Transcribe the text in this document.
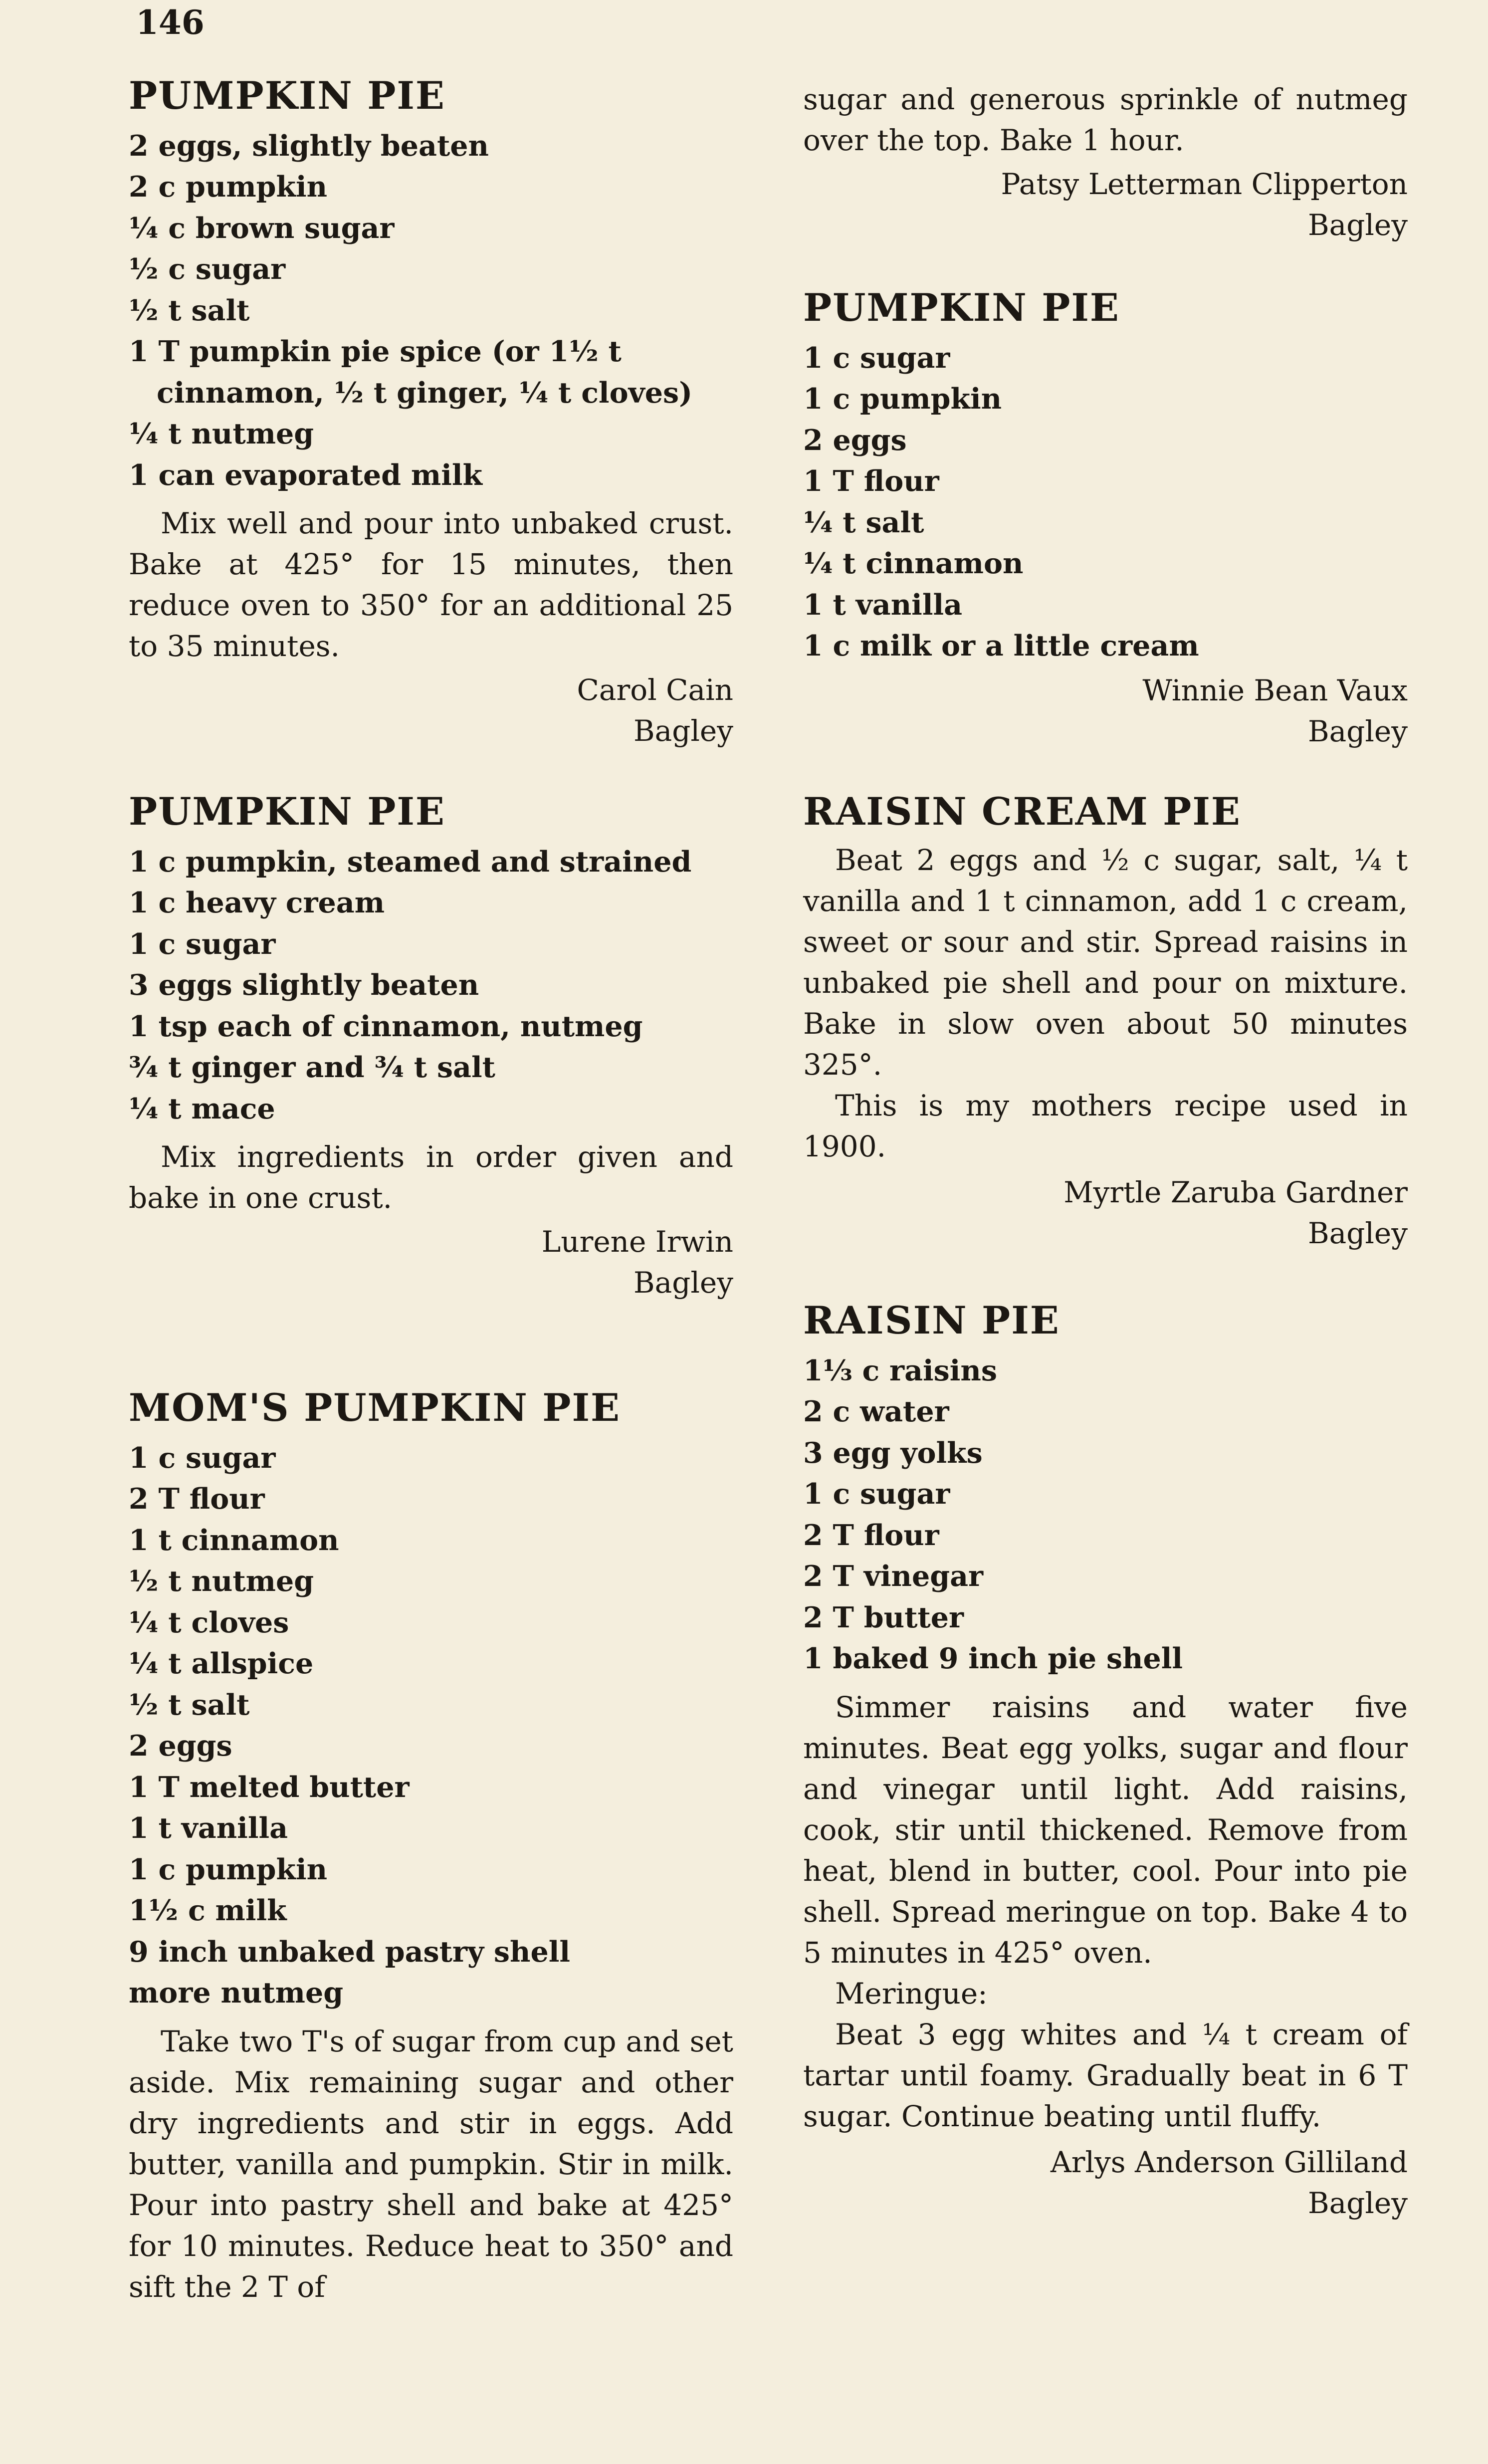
146
PUMPKIN PIE
2 eggs, slightly beaten
2 c pumpkin
¼ c brown sugar
½ c sugar
½ t salt
1 T pumpkin pie spice (or 1½ t cinnamon, ½ t ginger, ¼ t cloves)
¼ t nutmeg
1 can evaporated milk

Mix well and pour into unbaked crust. Bake at 425° for 15 minutes, then reduce oven to 350° for an additional 25 to 35 minutes.

Carol Cain

Bagley

PUMPKIN PIE
1 c pumpkin, steamed and strained
1 c heavy cream
1 c sugar
3 eggs slightly beaten
1 tsp each of cinnamon, nutmeg
¾ t ginger and ¾ t salt
¼ t mace

Mix ingredients in order given and bake in one crust.

Lurene Irwin

Bagley

MOM'S PUMPKIN PIE
1 c sugar
2 T flour
1 t cinnamon
½ t nutmeg
¼ t cloves
¼ t allspice
½ t salt
2 eggs
1 T melted butter
1 t vanilla
1 c pumpkin
1½ c milk
9 inch unbaked pastry shell
more nutmeg

Take two T's of sugar from cup and set aside. Mix remaining sugar and other dry ingredients and stir in eggs. Add butter, vanilla and pumpkin. Stir in milk. Pour into pastry shell and bake at 425° for 10 minutes. Reduce heat to 350° and sift the 2 T of

sugar and generous sprinkle of nutmeg over the top. Bake 1 hour.

Patsy Letterman Clipperton

Bagley

PUMPKIN PIE
1 c sugar
1 c pumpkin
2 eggs
1 T flour
¼ t salt
¼ t cinnamon
1 t vanilla
1 c milk or a little cream

Winnie Bean Vaux

Bagley

RAISIN CREAM PIE

Beat 2 eggs and ½ c sugar, salt, ¼ t vanilla and 1 t cinnamon, add 1 c cream, sweet or sour and stir. Spread raisins in unbaked pie shell and pour on mixture. Bake in slow oven about 50 minutes 325°.

This is my mothers recipe used in 1900.

Myrtle Zaruba Gardner

Bagley

RAISIN PIE
1⅓ c raisins
2 c water
3 egg yolks
1 c sugar
2 T flour
2 T vinegar
2 T butter
1 baked 9 inch pie shell

Simmer raisins and water five minutes. Beat egg yolks, sugar and flour and vinegar until light. Add raisins, cook, stir until thickened. Remove from heat, blend in butter, cool. Pour into pie shell. Spread meringue on top. Bake 4 to 5 minutes in 425° oven.

Meringue:

Beat 3 egg whites and ¼ t cream of tartar until foamy. Gradually beat in 6 T sugar. Continue beating until fluffy.

Arlys Anderson Gilliland

Bagley
